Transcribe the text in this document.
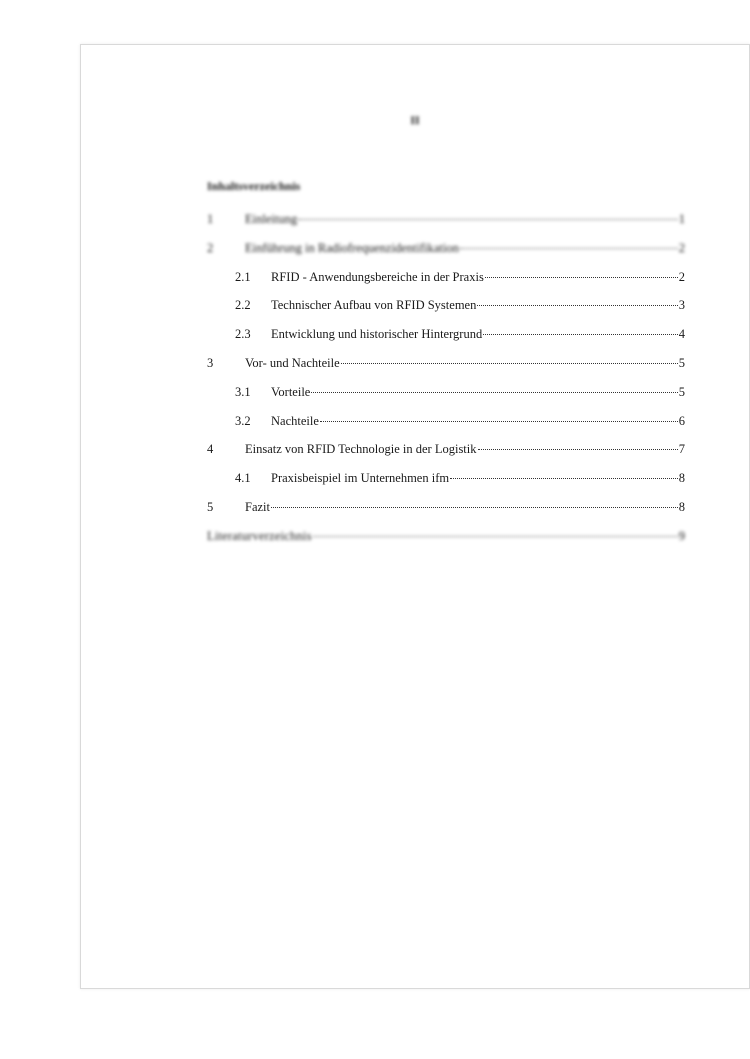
II
Inhaltsverzeichnis
1	Einleitung	1
2	Einführung in Radiofrequenzidentifikation	2
2.1	RFID - Anwendungsbereiche in der Praxis	2
2.2	Technischer Aufbau von RFID Systemen	3
2.3	Entwicklung und historischer Hintergrund	4
3	Vor- und Nachteile	5
3.1	Vorteile	5
3.2	Nachteile	6
4	Einsatz von RFID Technologie in der Logistik	7
4.1	Praxisbeispiel im Unternehmen ifm	8
5	Fazit	8
Literaturverzeichnis	9
